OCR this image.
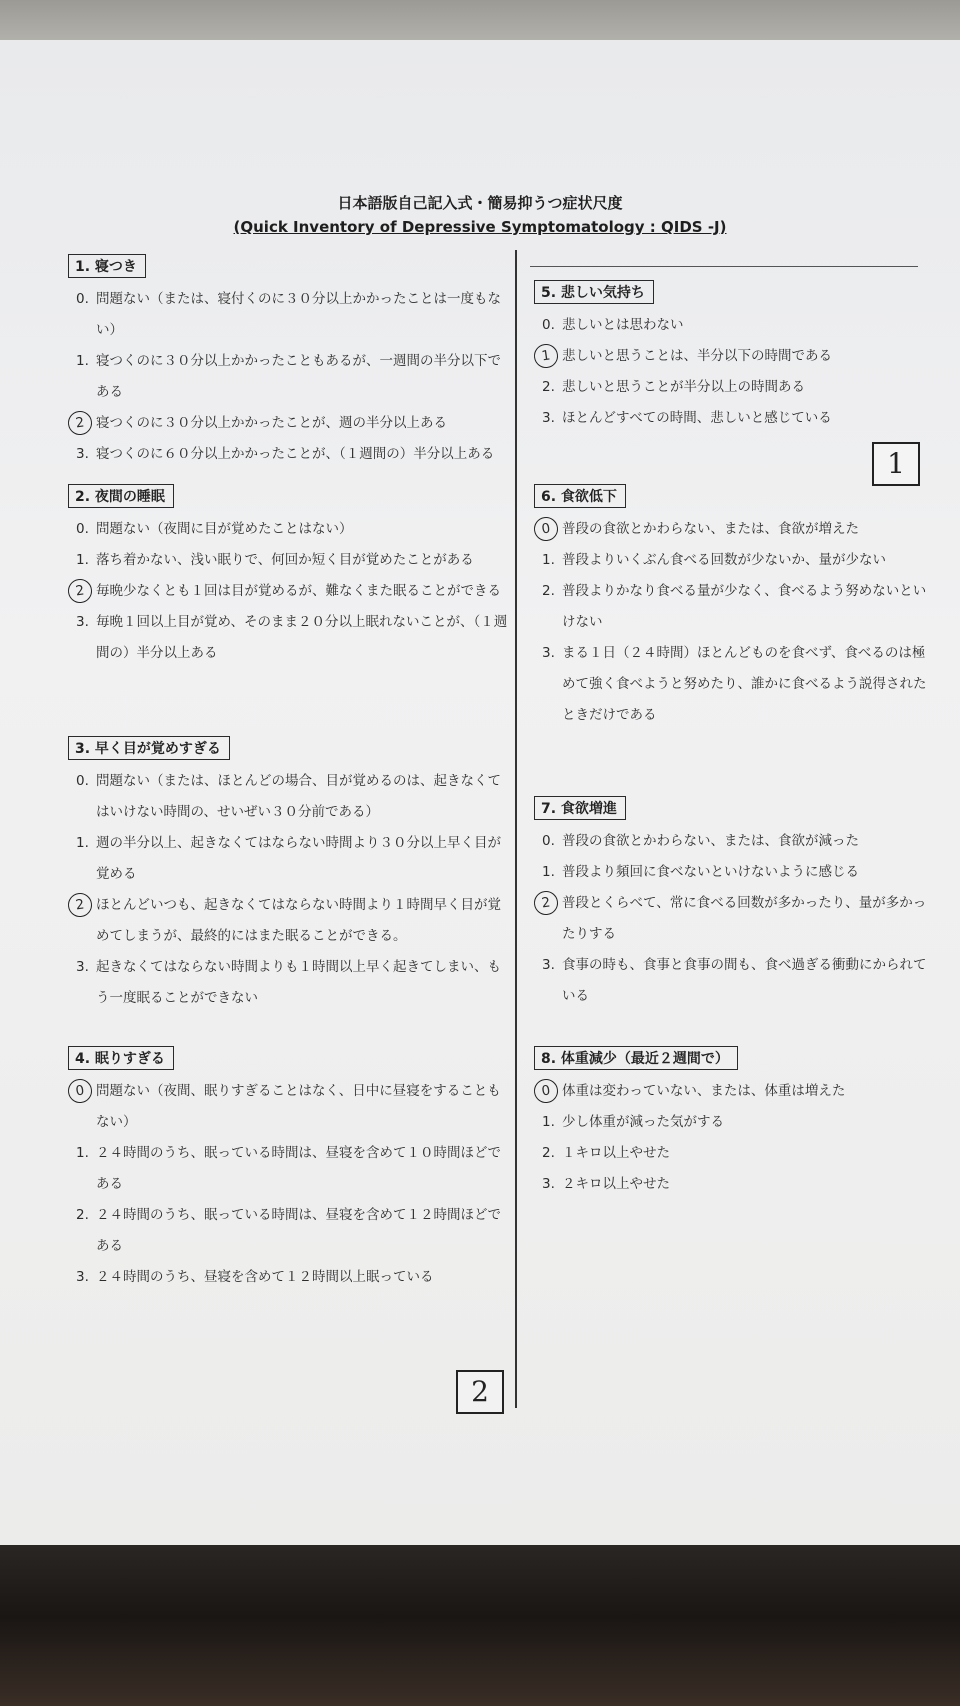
日本語版自己記入式・簡易抑うつ症状尺度
(Quick Inventory of Depressive Symptomatology : QIDS -J)
1. 寝つき
0. 問題ない（または、寝付くのに３０分以上かかったことは一度もない）
1. 寝つくのに３０分以上かかったこともあるが、一週間の半分以下である
2 寝つくのに３０分以上かかったことが、週の半分以上ある
3. 寝つくのに６０分以上かかったことが、（１週間の）半分以上ある
2. 夜間の睡眠
0. 問題ない（夜間に目が覚めたことはない）
1. 落ち着かない、浅い眠りで、何回か短く目が覚めたことがある
2 毎晩少なくとも１回は目が覚めるが、難なくまた眠ることができる
3. 毎晩１回以上目が覚め、そのまま２０分以上眠れないことが、（１週間の）半分以上ある
3. 早く目が覚めすぎる
0. 問題ない（または、ほとんどの場合、目が覚めるのは、起きなくてはいけない時間の、せいぜい３０分前である）
1. 週の半分以上、起きなくてはならない時間より３０分以上早く目が覚める
2 ほとんどいつも、起きなくてはならない時間より１時間早く目が覚めてしまうが、最終的にはまた眠ることができる。
3. 起きなくてはならない時間よりも１時間以上早く起きてしまい、もう一度眠ることができない
4. 眠りすぎる
0 問題ない（夜間、眠りすぎることはなく、日中に昼寝をすることもない）
1. ２４時間のうち、眠っている時間は、昼寝を含めて１０時間ほどである
2. ２４時間のうち、眠っている時間は、昼寝を含めて１２時間ほどである
3. ２４時間のうち、昼寝を含めて１２時間以上眠っている
5. 悲しい気持ち
0. 悲しいとは思わない
1 悲しいと思うことは、半分以下の時間である
2. 悲しいと思うことが半分以上の時間ある
3. ほとんどすべての時間、悲しいと感じている
1
6. 食欲低下
0 普段の食欲とかわらない、または、食欲が増えた
1. 普段よりいくぶん食べる回数が少ないか、量が少ない
2. 普段よりかなり食べる量が少なく、食べるよう努めないといけない
3. まる１日（２４時間）ほとんどものを食べず、食べるのは極めて強く食べようと努めたり、誰かに食べるよう説得されたときだけである
7. 食欲増進
0. 普段の食欲とかわらない、または、食欲が減った
1. 普段より頻回に食べないといけないように感じる
2 普段とくらべて、常に食べる回数が多かったり、量が多かったりする
3. 食事の時も、食事と食事の間も、食べ過ぎる衝動にかられている
8. 体重減少（最近２週間で）
0 体重は変わっていない、または、体重は増えた
1. 少し体重が減った気がする
2. １キロ以上やせた
3. ２キロ以上やせた
2
